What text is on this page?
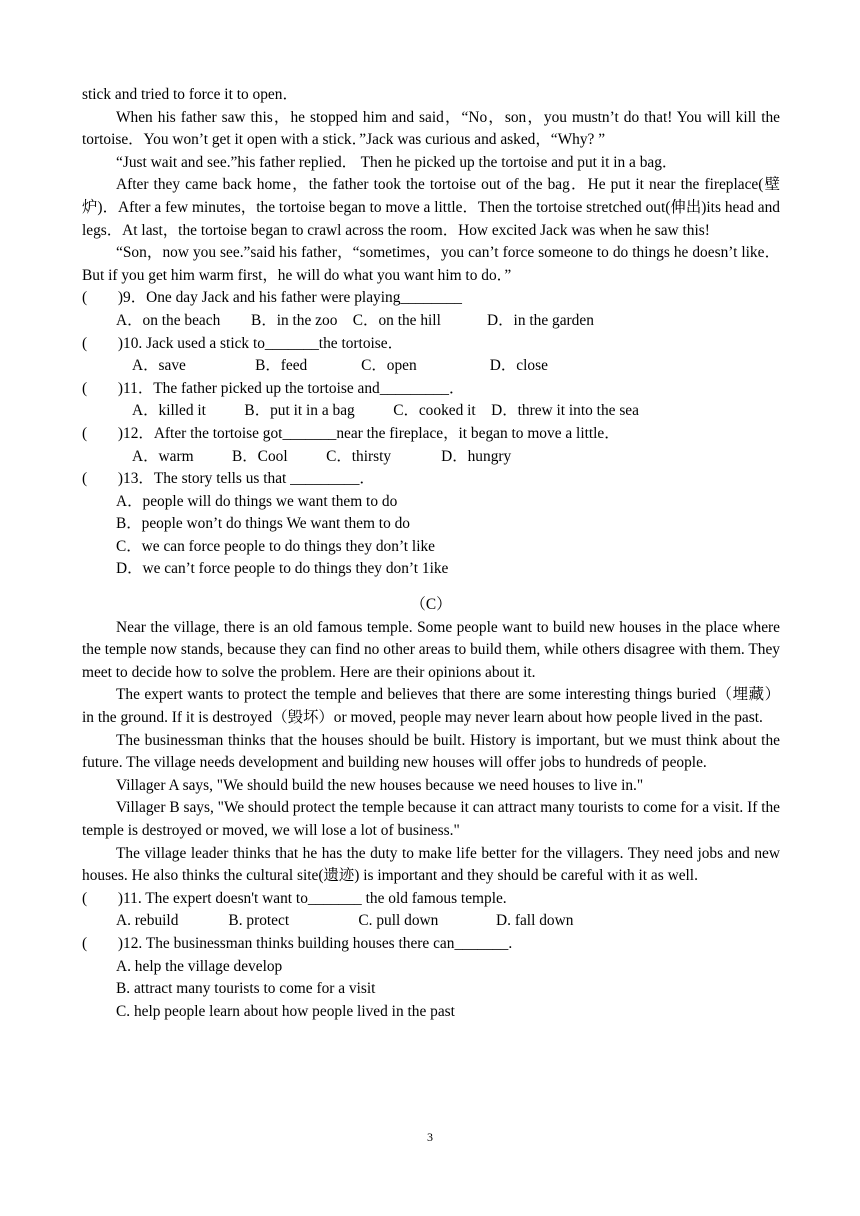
stick and tried to force it to open．
When his father saw this，he stopped him and said，“No，son，you mustn’t do that! You will kill the tortoise．You won’t get it open with a stick．”Jack was curious and asked，“Why? ”
“Just wait and see.”his father replied． Then he picked up the tortoise and put it in a bag．
After they came back home，the father took the tortoise out of the bag．He put it near the fireplace(壁炉)．After a few minutes，the tortoise began to move a little．Then the tortoise stretched out(伸出)its head and legs．At last，the tortoise began to crawl across the room．How excited Jack was when he saw this!
“Son，now you see.”said his father，“sometimes，you can’t force someone to do things he doesn’t like．But if you get him warm first，he will do what you want him to do．”
(        )9．One day Jack and his father were playing________
A．on the beach        B．in the zoo    C．on the hill            D．in the garden
(        )10. Jack used a stick to_______the tortoise．
A．save                  B．feed              C．open                   D．close
(        )11．The father picked up the tortoise and_________．
A．killed it          B．put it in a bag          C．cooked it    D．threw it into the sea
(        )12．After the tortoise got_______near the fireplace，it began to move a little．
A．warm          B．Cool          C．thirsty             D．hungry
(        )13．The story tells us that _________．
A．people will do things we want them to do
B．people won’t do things We want them to do
C．we can force people to do things they don’t like
D．we can’t force people to do things they don’t 1ike
（C）
Near the village, there is an old famous temple. Some people want to build new houses in the place where the temple now stands, because they can find no other areas to build them, while others disagree with them. They meet to decide how to solve the problem. Here are their opinions about it.
The expert wants to protect the temple and believes that there are some interesting things buried（埋藏）in the ground. If it is destroyed（毁坏）or moved, people may never learn about how people lived in the past.
The businessman thinks that the houses should be built. History is important, but we must think about the future. The village needs development and building new houses will offer jobs to hundreds of people.
Villager A says, "We should build the new houses because we need houses to live in."
Villager B says, "We should protect the temple because it can attract many tourists to come for a visit. If the temple is destroyed or moved, we will lose a lot of business."
The village leader thinks that he has the duty to make life better for the villagers. They need jobs and new houses. He also thinks the cultural site(遗迹) is important and they should be careful with it as well.
(        )11. The expert doesn't want to_______ the old famous temple.
A. rebuild             B. protect                  C. pull down               D. fall down
(        )12. The businessman thinks building houses there can_______.
A. help the village develop
B. attract many tourists to come for a visit
C. help people learn about how people lived in the past
3
